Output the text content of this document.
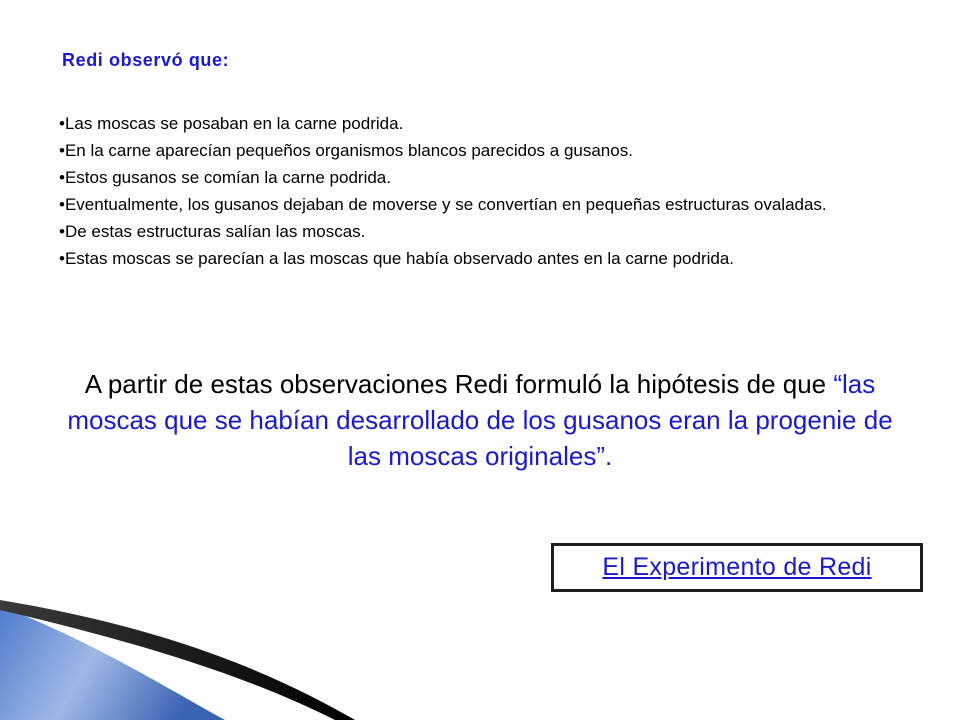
Redi observó que:
• Las moscas se posaban en la carne podrida.
• En la carne aparecían pequeños organismos blancos parecidos a gusanos.
• Estos gusanos se comían la carne podrida.
• Eventualmente, los gusanos dejaban de moverse y se convertían en pequeñas estructuras ovaladas.
• De estas estructuras salían las moscas.
• Estas moscas se parecían a las moscas que había observado antes en la carne podrida.
A partir de estas observaciones Redi formuló la hipótesis de que “las moscas que se habían desarrollado de los gusanos eran la progenie de las moscas originales”.
El Experimento de Redi
